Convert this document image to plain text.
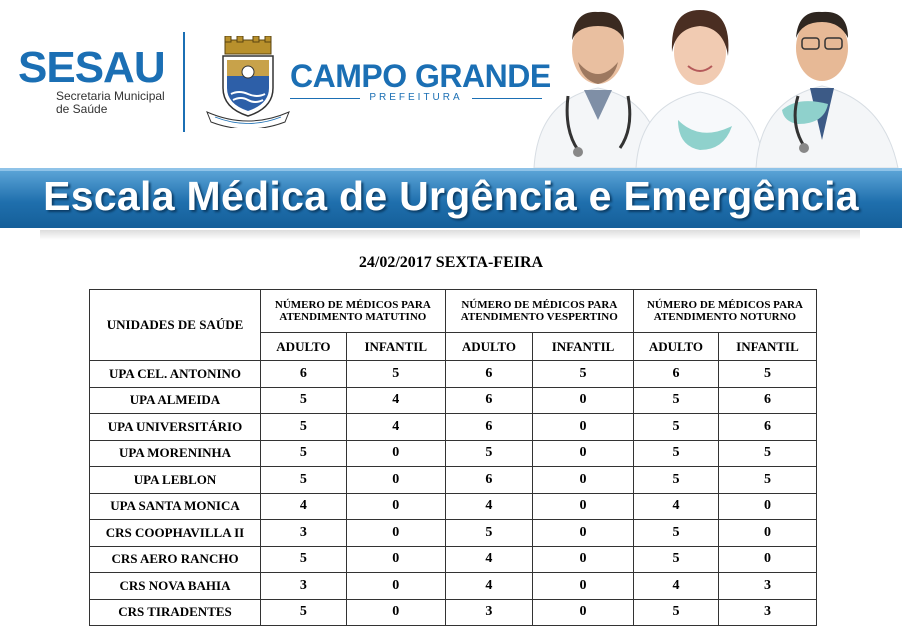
SESAU
Secretaria Municipal
de Saúde
CAMPO GRANDE
PREFEITURA
Escala Médica de Urgência e Emergência
24/02/2017 SEXTA-FEIRA
UNIDADES DE SAÚDE	NÚMERO DE MÉDICOS PARA ATENDIMENTO MATUTINO		NÚMERO DE MÉDICOS PARA ATENDIMENTO VESPERTINO		NÚMERO DE MÉDICOS PARA ATENDIMENTO NOTURNO	
	ADULTO	INFANTIL	ADULTO	INFANTIL	ADULTO	INFANTIL
UPA CEL. ANTONINO	6	5	6	5	6	5
UPA ALMEIDA	5	4	6	0	5	6
UPA UNIVERSITÁRIO	5	4	6	0	5	6
UPA MORENINHA	5	0	5	0	5	5
UPA LEBLON	5	0	6	0	5	5
UPA SANTA MONICA	4	0	4	0	4	0
CRS COOPHAVILLA II	3	0	5	0	5	0
CRS AERO RANCHO	5	0	4	0	5	0
CRS NOVA BAHIA	3	0	4	0	4	3
CRS TIRADENTES	5	0	3	0	5	3
